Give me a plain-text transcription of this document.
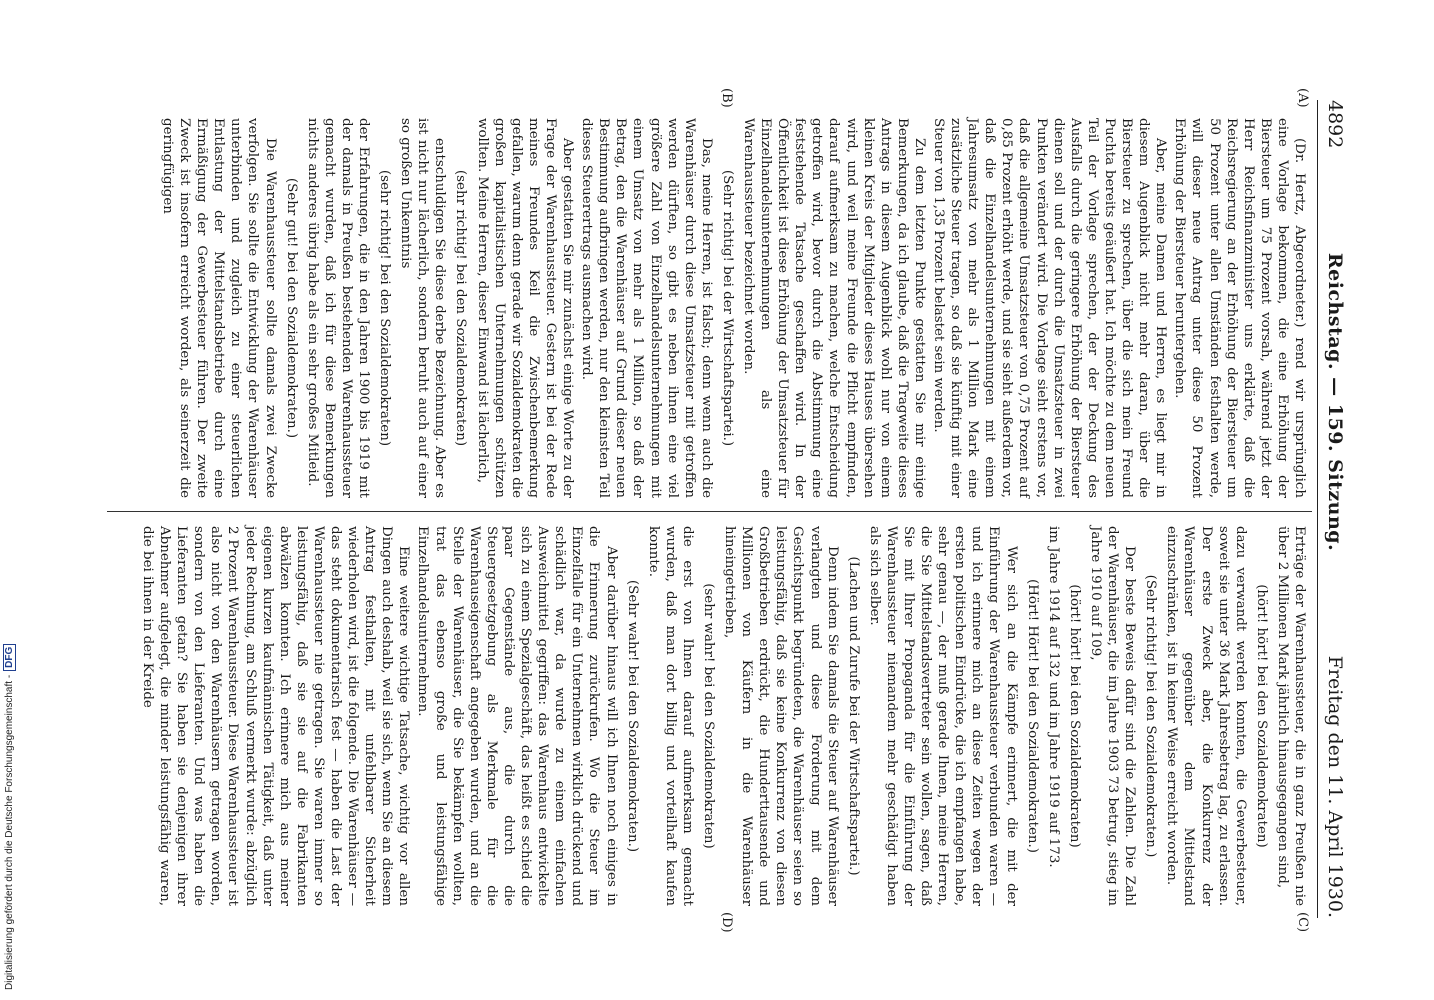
4892
Reichstag. — 159. Sitzung.
Freitag den 11. April 1930.
(A)
(B)
(C)
(D)

(Dr. Hertz, Abgeordneter.) rend wir ursprünglich eine Vorlage bekommen, die eine Erhöhung der Biersteuer um 75 Prozent vorsah, während jetzt der Herr Reichsfinanzminister uns erklärte, daß die Reichsregierung an der Erhöhung der Biersteuer um 50 Prozent unter allen Umständen festhalten werde, will dieser neue Antrag unter diese 50 Prozent Erhöhung der Biersteuer heruntergehen.

Aber, meine Damen und Herren, es liegt mir in diesem Augenblick nicht mehr daran, über die Biersteuer zu sprechen, über die sich mein Freund Puchta bereits geäußert hat. Ich möchte zu dem neuen Teil der Vorlage sprechen, der der Deckung des Ausfalls durch die geringere Erhöhung der Biersteuer dienen soll und der durch die Umsatzsteuer in zwei Punkten verändert wird. Die Vorlage sieht erstens vor, daß die allgemeine Umsatzsteuer von 0,75 Prozent auf 0,85 Prozent erhöht werde, und sie sieht außerdem vor, daß die Einzelhandelsunternehmungen mit einem Jahresumsatz von mehr als 1 Million Mark eine zusätzliche Steuer tragen, so daß sie künftig mit einer Steuer von 1,35 Prozent belastet sein werden.

Zu dem letzten Punkte gestatten Sie mir einige Bemerkungen, da ich glaube, daß die Tragweite dieses Antrags in diesem Augenblick wohl nur von einem kleinen Kreis der Mitglieder dieses Hauses übersehen wird, und weil meine Freunde die Pflicht empfinden, darauf aufmerksam zu machen, welche Entscheidung getroffen wird, bevor durch die Abstimmung eine feststehende Tatsache geschaffen wird. In der Öffentlichkeit ist diese Erhöhung der Umsatzsteuer für Einzelhandelsunternehmungen als eine Warenhaussteuer bezeichnet worden.

(Sehr richtig! bei der Wirtschaftspartei.)

Das, meine Herren, ist falsch; denn wenn auch die Warenhäuser durch diese Umsatzsteuer mit getroffen werden dürften, so gibt es neben ihnen eine viel größere Zahl von Einzelhandelsunternehmungen mit einem Umsatz von mehr als 1 Million, so daß der Betrag, den die Warenhäuser auf Grund dieser neuen Bestimmung aufbringen werden, nur den kleinsten Teil dieses Steuerertrags ausmachen wird.

Aber gestatten Sie mir zunächst einige Worte zu der Frage der Warenhaussteuer. Gestern ist bei der Rede meines Freundes Keil die Zwischenbemerkung gefallen, warum denn gerade wir Sozialdemokraten die großen kapitalistischen Unternehmungen schützen wollten. Meine Herren, dieser Einwand ist lächerlich,

(sehr richtig! bei den Sozialdemokraten)

entschuldigen Sie diese derbe Bezeichnung. Aber es ist nicht nur lächerlich, sondern beruht auch auf einer so großen Unkenntnis

(sehr richtig! bei den Sozialdemokraten)

der Erfahrungen, die in den Jahren 1900 bis 1919 mit der damals in Preußen bestehenden Warenhaussteuer gemacht wurden, daß ich für diese Bemerkungen nichts anderes übrig habe als ein sehr großes Mitleid.

(Sehr gut! bei den Sozialdemokraten.)

Die Warenhaussteuer sollte damals zwei Zwecke verfolgen. Sie sollte die Entwicklung der Warenhäuser unterbinden und zugleich zu einer steuerlichen Entlastung der Mittelstandsbetriebe durch eine Ermäßigung der Gewerbesteuer führen. Der zweite Zweck ist insofern erreicht worden, als seinerzeit die geringfügigen

Erträge der Warenhaussteuer, die in ganz Preußen nie über 2 Millionen Mark jährlich hinausgegangen sind,

(hört! hört! bei den Sozialdemokraten)

dazu verwandt werden konnten, die Gewerbesteuer, soweit sie unter 36 Mark Jahresbetrag lag, zu erlassen. Der erste Zweck aber, die Konkurrenz der Warenhäuser gegenüber dem Mittelstand einzuschränken, ist in keiner Weise erreicht worden.

(Sehr richtig! bei den Sozialdemokraten.)

Der beste Beweis dafür sind die Zahlen. Die Zahl der Warenhäuser, die im Jahre 1903 73 betrug, stieg im Jahre 1910 auf 109,

(hört! hört! bei den Sozialdemokraten)

im Jahre 1914 auf 132 und im Jahre 1919 auf 173.

(Hört! Hört! bei den Sozialdemokraten.)

Wer sich an die Kämpfe erinnert, die mit der Einführung der Warenhaussteuer verbunden waren — und ich erinnere mich an diese Zeiten wegen der ersten politischen Eindrücke, die ich empfangen habe, sehr genau —, der muß gerade Ihnen, meine Herren, die Sie Mittelstandsvertreter sein wollen, sagen, daß Sie mit Ihrer Propaganda für die Einführung der Warenhaussteuer niemandem mehr geschädigt haben als sich selber.

(Lachen und Zurufe bei der Wirtschaftspartei.)

Denn indem Sie damals die Steuer auf Warenhäuser verlangten und diese Forderung mit dem Gesichtspunkt begründeten, die Warenhäuser seien so leistungsfähig, daß sie keine Konkurrenz von diesen Großbetrieben erdrückt, die Hunderttausende und Millionen von Käufern in die Warenhäuser hineingetrieben,

(sehr wahr! bei den Sozialdemokraten)

die erst von Ihnen darauf aufmerksam gemacht wurden, daß man dort billig und vorteilhaft kaufen konnte.

(Sehr wahr! bei den Sozialdemokraten.)

Aber darüber hinaus will ich Ihnen noch einiges in die Erinnerung zurückrufen. Wo die Steuer im Einzelfalle für ein Unternehmen wirklich drückend und schädlich war, da wurde zu einem einfachen Ausweichmittel gegriffen: das Warenhaus entwickelte sich zu einem Spezialgeschäft, das heißt es schied die paar Gegenstände aus, die durch die Steuergesetzgebung als Merkmale für die Warenhauseigenschaft angegeben wurden, und an die Stelle der Warenhäuser, die Sie bekämpfen wollten, trat das ebenso große und leistungsfähige Einzelhandelsunternehmen.

Eine weitere wichtige Tatsache, wichtig vor allen Dingen auch deshalb, weil sie sich, wenn Sie an diesem Antrag festhalten, mit unfehlbarer Sicherheit wiederholen wird, ist die folgende. Die Warenhäuser — das steht dokumentarisch fest — haben die Last der Warenhaussteuer nie getragen. Sie waren immer so leistungsfähig, daß sie sie auf die Fabrikanten abwälzen konnten. Ich erinnere mich aus meiner eigenen kurzen kaufmännischen Tätigkeit, daß unter jeder Rechnung, am Schluß vermerkt wurde: abzüglich 2 Prozent Warenhaussteuer. Diese Warenhaussteuer ist also nicht von den Warenhäusern getragen worden, sondern von den Lieferanten. Und was haben die Lieferanten getan? Sie haben sie denjenigen ihrer Abnehmer aufgelegt, die minder leistungsfähig waren, die bei ihnen in der Kreide

Digitalisierung gefördert durch die Deutsche Forschungsgemeinschaft -DFG
